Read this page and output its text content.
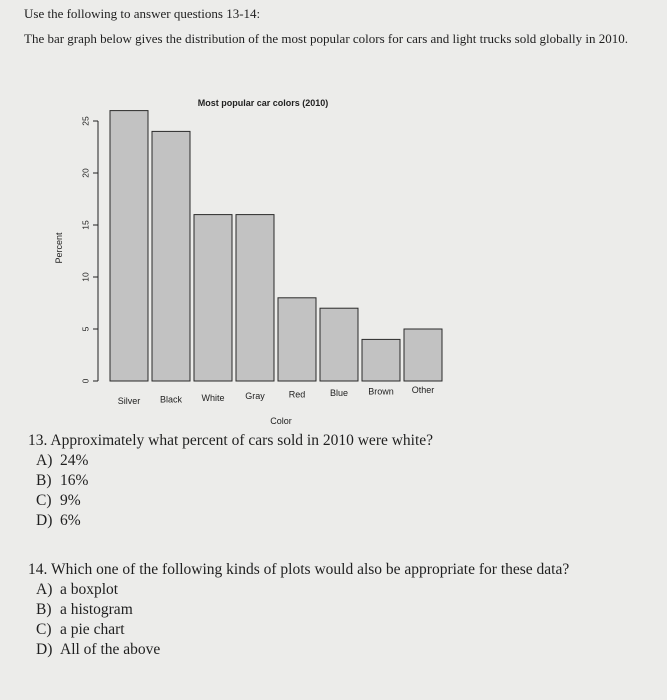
Use the following to answer questions 13-14:

The bar graph below gives the distribution of the most popular colors for cars and light trucks sold globally in 2010.

Most popular car colors (2010)
Percent
Color
0
5
10
15
20
25
Silver Black White Gray	Red	Blue Brown Other
13. Approximately what percent of cars sold in 2010 were white?
A) 24%
B) 16%
C) 9%
D) 6%
14. Which one of the following kinds of plots would also be appropriate for these data?
A) a boxplot
B) a histogram
C) a pie chart
D) All of the above
